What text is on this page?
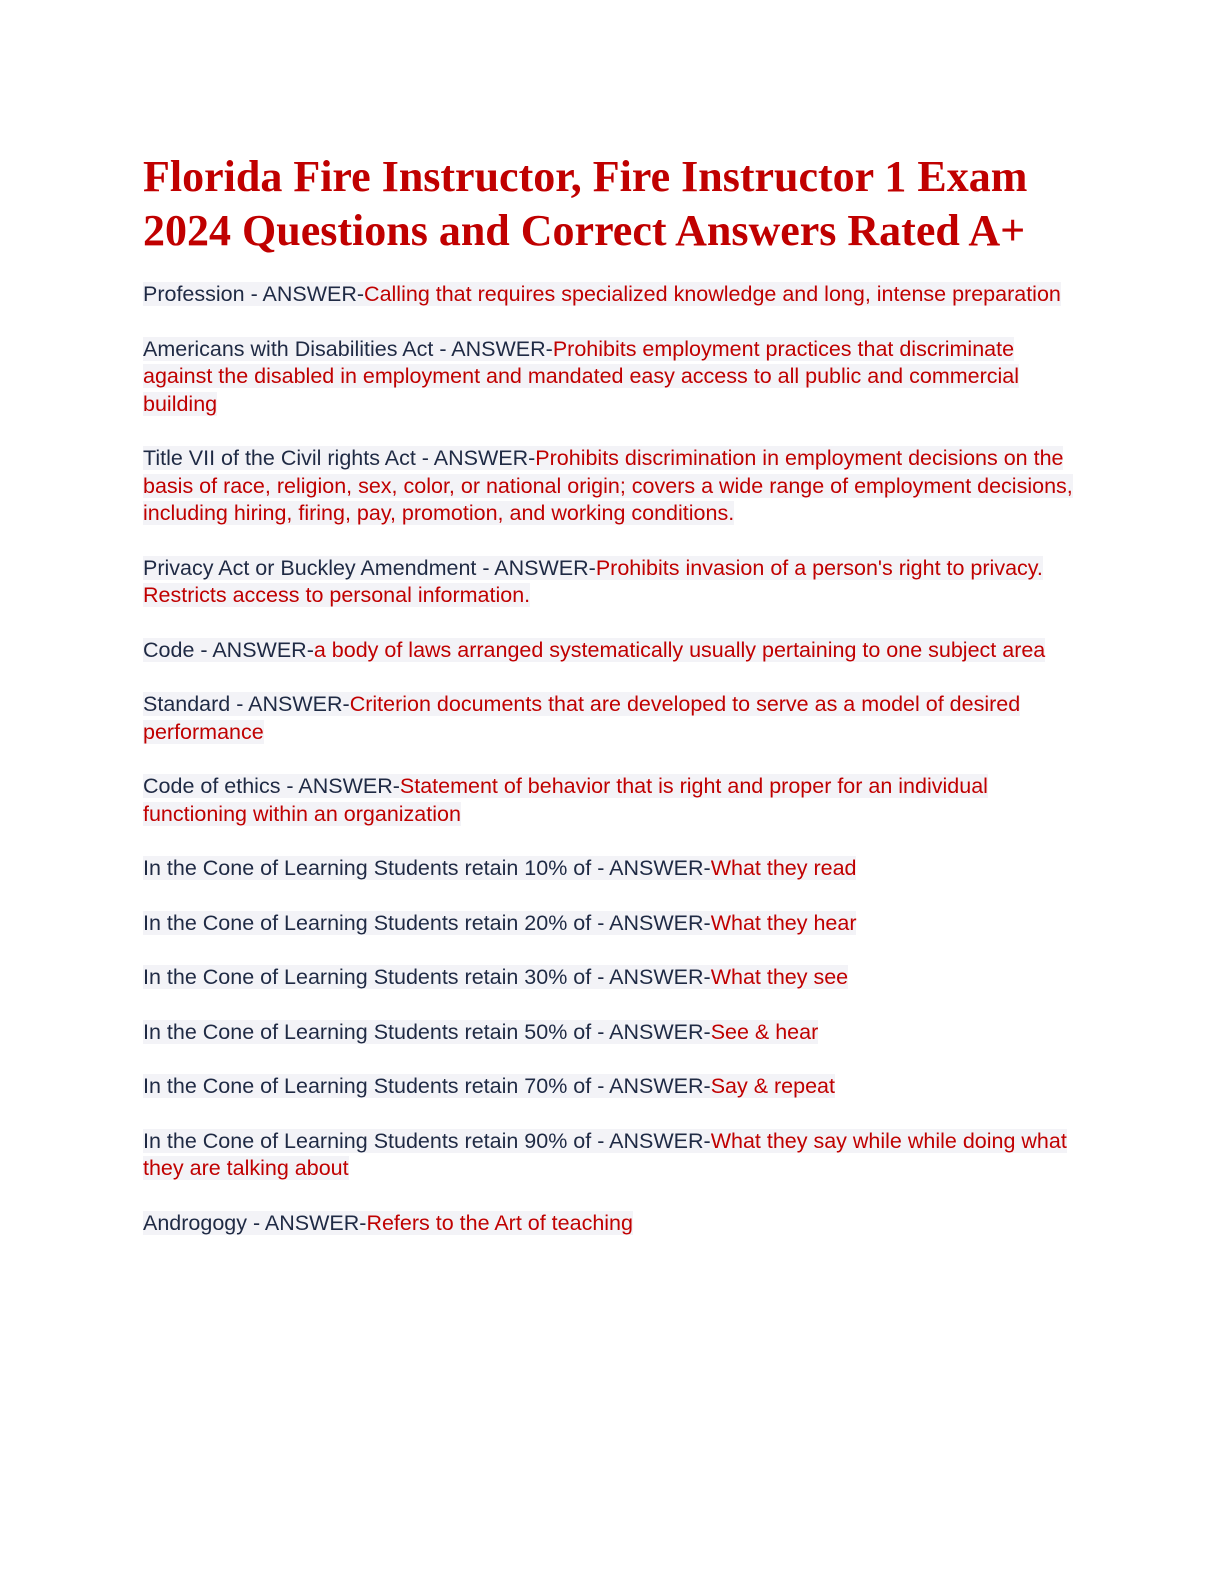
Florida Fire Instructor, Fire Instructor 1 Exam 2024 Questions and Correct Answers Rated A+

Profession - ANSWER-Calling that requires specialized knowledge and long, intense preparation

Americans with Disabilities Act - ANSWER-Prohibits employment practices that discriminate against the disabled in employment and mandated easy access to all public and commercial building

Title VII of the Civil rights Act - ANSWER-Prohibits discrimination in employment decisions on the basis of race, religion, sex, color, or national origin; covers a wide range of employment decisions, including hiring, firing, pay, promotion, and working conditions.

Privacy Act or Buckley Amendment - ANSWER-Prohibits invasion of a person's right to privacy. Restricts access to personal information.

Code - ANSWER-a body of laws arranged systematically usually pertaining to one subject area

Standard - ANSWER-Criterion documents that are developed to serve as a model of desired performance

Code of ethics - ANSWER-Statement of behavior that is right and proper for an individual functioning within an organization

In the Cone of Learning Students retain 10% of - ANSWER-What they read

In the Cone of Learning Students retain 20% of - ANSWER-What they hear

In the Cone of Learning Students retain 30% of - ANSWER-What they see

In the Cone of Learning Students retain 50% of - ANSWER-See & hear

In the Cone of Learning Students retain 70% of - ANSWER-Say & repeat

In the Cone of Learning Students retain 90% of - ANSWER-What they say while while doing what they are talking about

Androgogy - ANSWER-Refers to the Art of teaching
